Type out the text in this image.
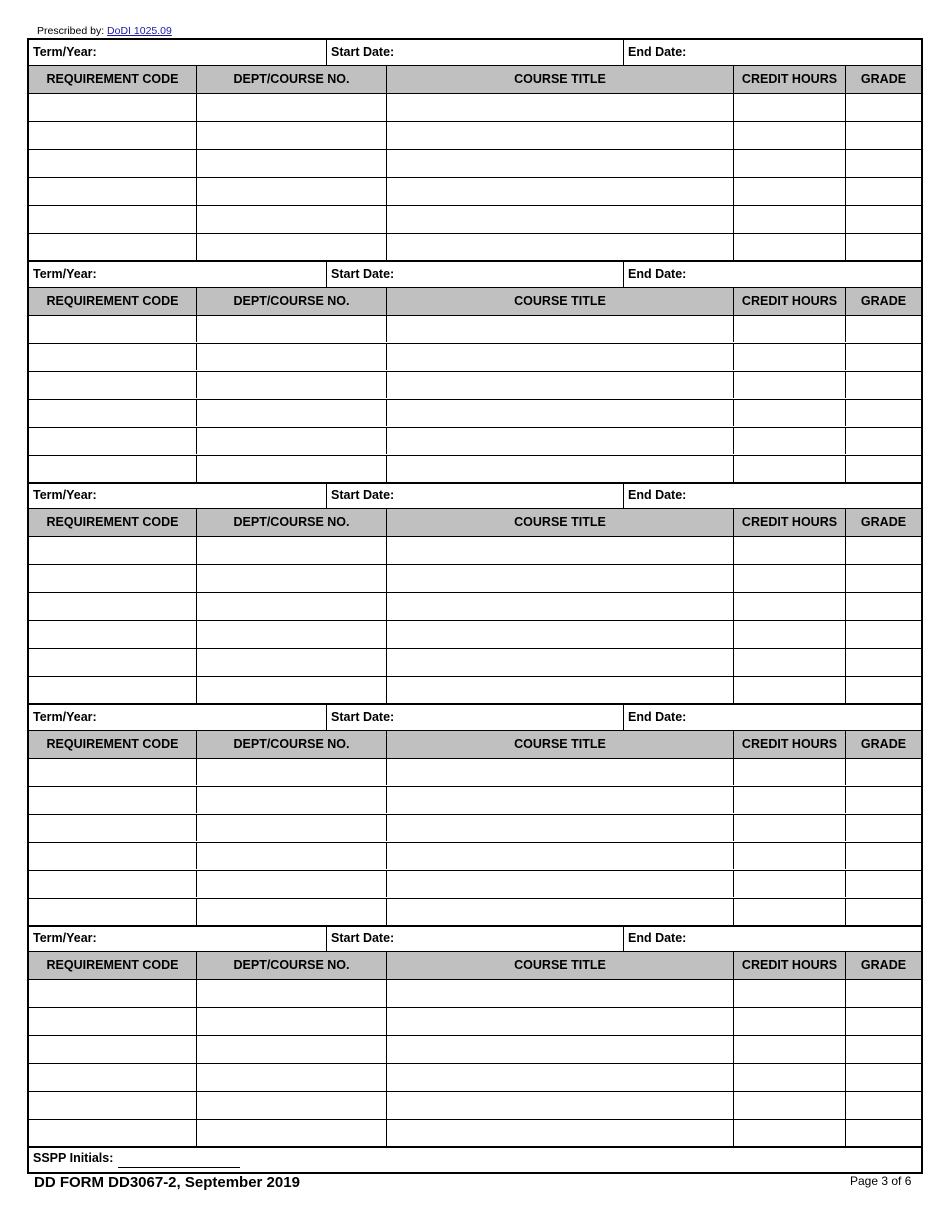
Prescribed by: DoDI 1025.09
Term/Year:	Start Date:	End Date:
REQUIREMENT CODE	DEPT/COURSE NO.	COURSE TITLE	CREDIT HOURS	GRADE
Term/Year:	Start Date:	End Date:
REQUIREMENT CODE	DEPT/COURSE NO.	COURSE TITLE	CREDIT HOURS	GRADE
Term/Year:	Start Date:	End Date:
REQUIREMENT CODE	DEPT/COURSE NO.	COURSE TITLE	CREDIT HOURS	GRADE
Term/Year:	Start Date:	End Date:
REQUIREMENT CODE	DEPT/COURSE NO.	COURSE TITLE	CREDIT HOURS	GRADE
Term/Year:	Start Date:	End Date:
REQUIREMENT CODE	DEPT/COURSE NO.	COURSE TITLE	CREDIT HOURS	GRADE
SSPP Initials:
DD FORM DD3067-2, September 2019	Page 3 of 6
